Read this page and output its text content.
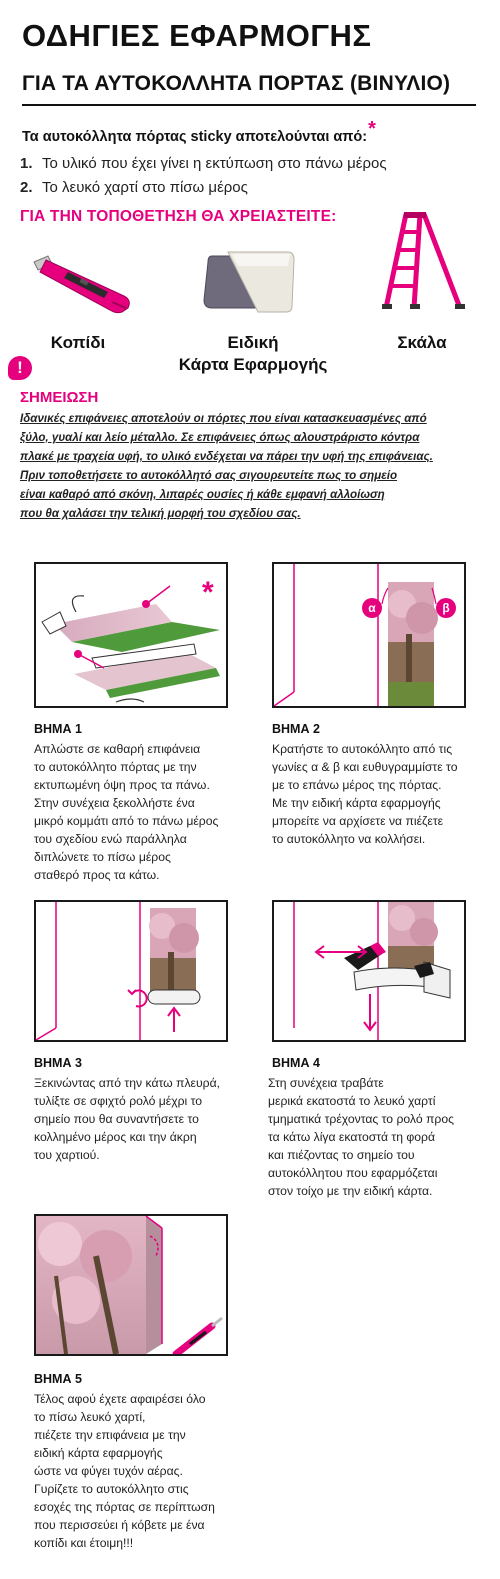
ΟΔΗΓΙΕΣ ΕΦΑΡΜΟΓΗΣ
ΓΙΑ ΤΑ ΑΥΤΟΚΟΛΛΗΤΑ ΠΟΡΤΑΣ (ΒΙΝΥΛΙΟ)
Τα αυτοκόλλητα πόρτας sticky αποτελούνται από:*
1. Το υλικό που έχει γίνει η εκτύπωση στο πάνω μέρος
2. Το λευκό χαρτί στο πίσω μέρος
ΓΙΑ ΤΗΝ ΤΟΠΟΘΕΤΗΣΗ ΘΑ ΧΡΕΙΑΣΤΕΙΤΕ:
Κοπίδι	Ειδική
Κάρτα Εφαρμογής
Σκάλα
!
ΣΗΜΕΙΩΣΗ
Ιδανικές επιφάνειες αποτελούν οι πόρτες που είναι κατασκευασμένες από
ξύλο, γυαλί και λείο μέταλλο. Σε επιφάνειες όπως αλουστράριστο κόντρα
πλακέ με τραχεία υφή, το υλικό ενδέχεται να πάρει την υφή της επιφάνειας.
Πριν τοποθετήσετε το αυτοκόλλητό σας σιγουρευτείτε πως το σημείο
είναι καθαρό από σκόνη, λιπαρές ουσίες ή κάθε εμφανή αλλοίωση
που θα χαλάσει την τελική μορφή του σχεδίου σας.
*
ΒΗΜΑ 1
Απλώστε σε καθαρή επιφάνεια
το αυτοκόλλητο πόρτας με την
εκτυπωμένη όψη προς τα πάνω.
Στην συνέχεια ξεκολλήστε ένα
μικρό κομμάτι από το πάνω μέρος
του σχεδίου ενώ παράλληλα
διπλώνετε το πίσω μέρος
σταθερό προς τα κάτω.
α	β
ΒΗΜΑ 2
Κρατήστε το αυτοκόλλητο από τις
γωνίες α & β και ευθυγραμμίστε το
με το επάνω μέρος της πόρτας.
Με την ειδική κάρτα εφαρμογής
μπορείτε να αρχίσετε να πιέζετε
το αυτοκόλλητο να κολλήσει.
ΒΗΜΑ 3
Ξεκινώντας από την κάτω πλευρά,
τυλίξτε σε σφιχτό ρολό μέχρι το
σημείο που θα συναντήσετε το
κολλημένο μέρος και την άκρη
του χαρτιού.
ΒΗΜΑ 4
Στη συνέχεια τραβάτε
μερικά εκατοστά το λευκό χαρτί
τμηματικά τρέχοντας το ρολό προς
τα κάτω λίγα εκατοστά τη φορά
και πιέζοντας το σημείο του
αυτοκόλλητου που εφαρμόζεται
στον τοίχο με την ειδική κάρτα.
ΒΗΜΑ 5
Τέλος αφού έχετε αφαιρέσει όλο
το πίσω λευκό χαρτί,
πιέζετε την επιφάνεια με την
ειδική κάρτα εφαρμογής
ώστε να φύγει τυχόν αέρας.
Γυρίζετε το αυτοκόλλητο στις
εσοχές της πόρτας σε περίπτωση
που περισσεύει ή κόβετε με ένα
κοπίδι και έτοιμη!!!
